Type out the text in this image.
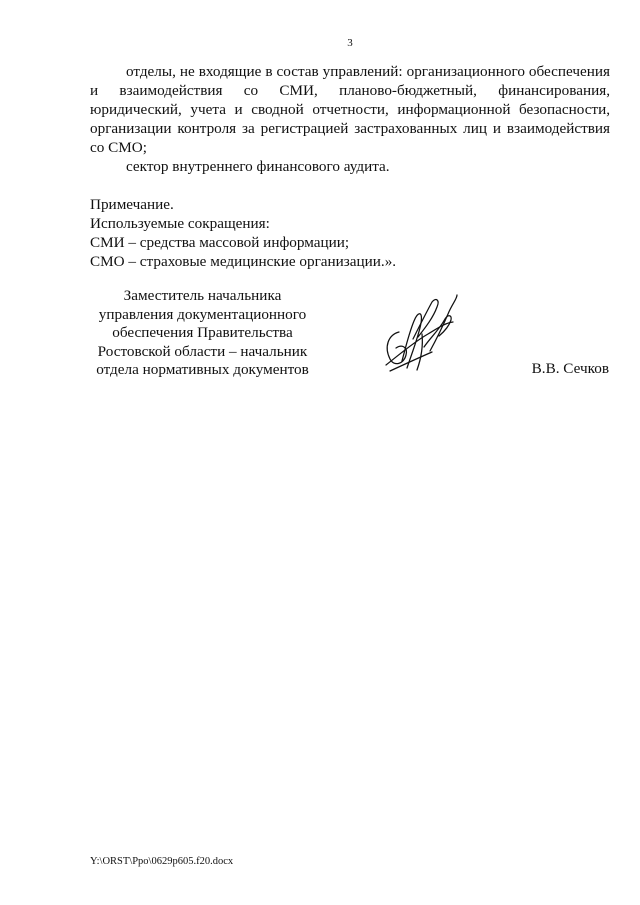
3

отделы, не входящие в состав управлений: организационного обеспечения и взаимодействия со СМИ, планово-бюджетный, финансирования, юридический, учета и сводной отчетности, информационной безопасности, организации контроля за регистрацией застрахованных лиц и взаимодействия со СМО;

сектор внутреннего финансового аудита.

Примечание.

Используемые сокращения:

СМИ – средства массовой информации;

СМО – страховые медицинские организации.».

Заместитель начальника
управления документационного
обеспечения Правительства
Ростовской области – начальник
отдела нормативных документов	В.В. Сечков
Y:\ORST\Ppo\0629p605.f20.docx
